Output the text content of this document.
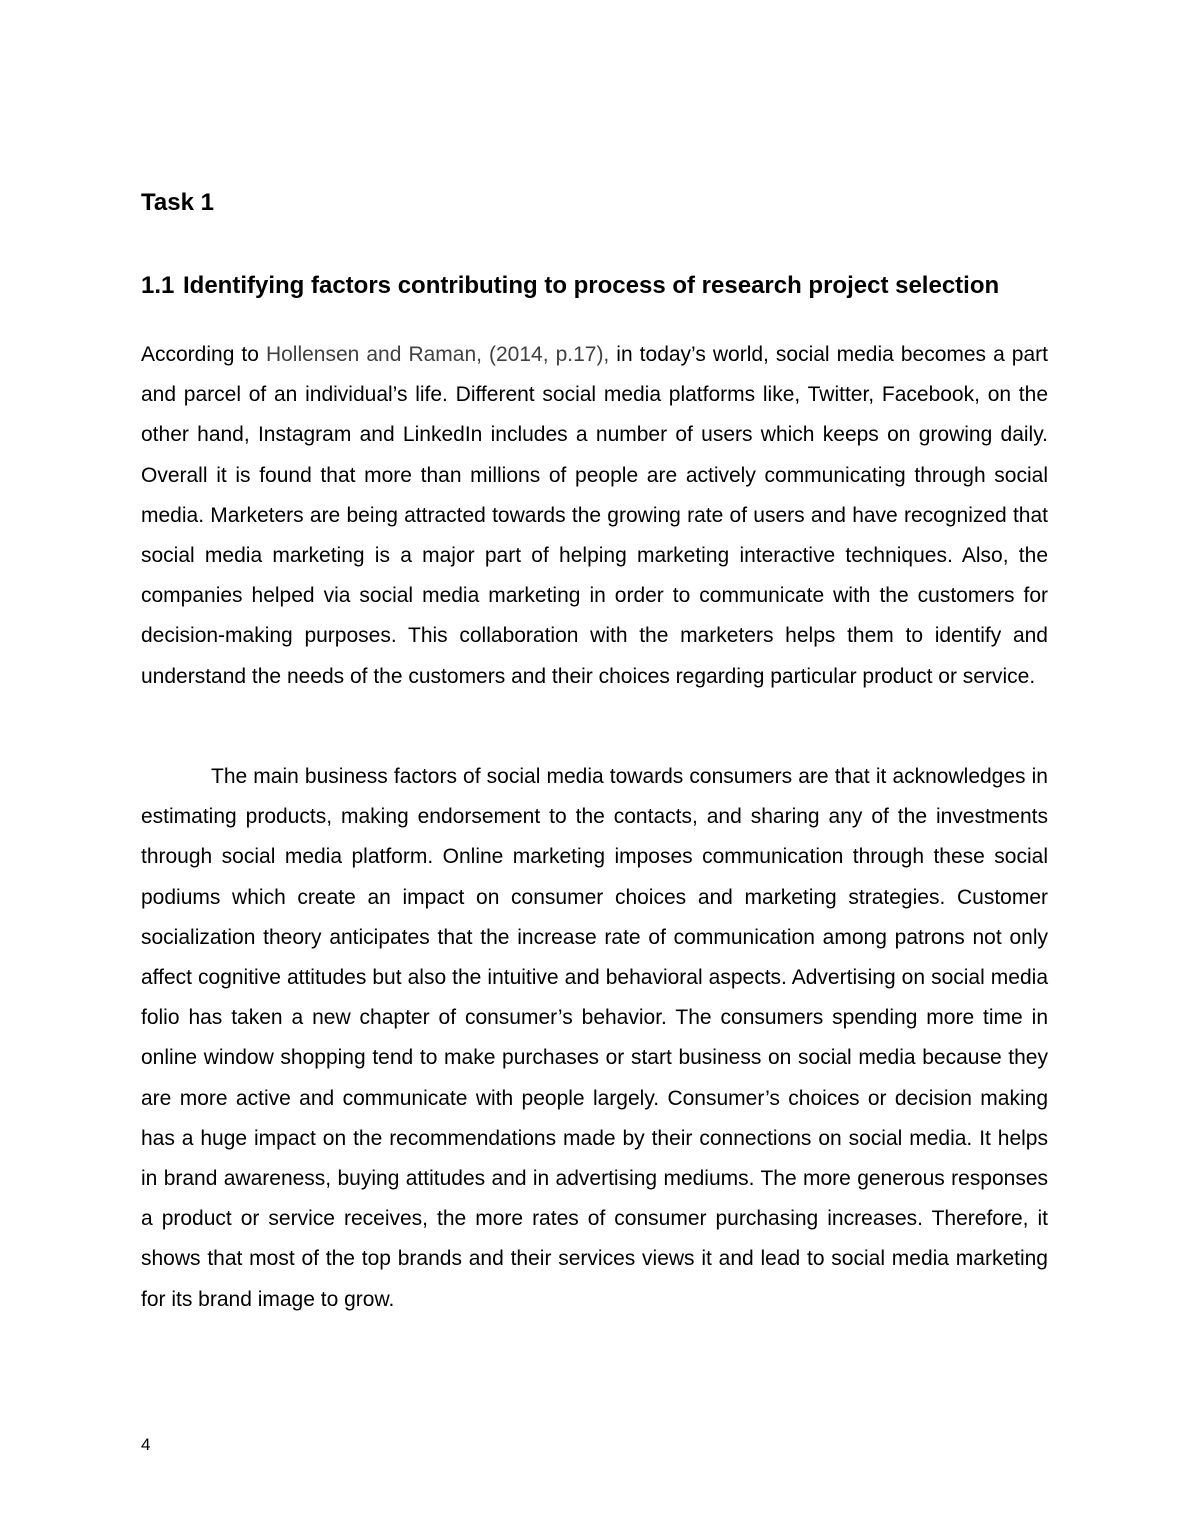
Task 1
1.1 Identifying factors contributing to process of research project selection

According to Hollensen and Raman, (2014, p.17), in today’s world, social media becomes a part and parcel of an individual’s life. Different social media platforms like, Twitter, Facebook, on the other hand, Instagram and LinkedIn includes a number of users which keeps on growing daily. Overall it is found that more than millions of people are actively communicating through social media. Marketers are being attracted towards the growing rate of users and have recognized that social media marketing is a major part of helping marketing interactive techniques. Also, the companies helped via social media marketing in order to communicate with the customers for decision-making purposes. This collaboration with the marketers helps them to identify and understand the needs of the customers and their choices regarding particular product or service.

The main business factors of social media towards consumers are that it acknowledges in estimating products, making endorsement to the contacts, and sharing any of the investments through social media platform. Online marketing imposes communication through these social podiums which create an impact on consumer choices and marketing strategies. Customer socialization theory anticipates that the increase rate of communication among patrons not only affect cognitive attitudes but also the intuitive and behavioral aspects. Advertising on social media folio has taken a new chapter of consumer’s behavior. The consumers spending more time in online window shopping tend to make purchases or start business on social media because they are more active and communicate with people largely. Consumer’s choices or decision making has a huge impact on the recommendations made by their connections on social media. It helps in brand awareness, buying attitudes and in advertising mediums. The more generous responses a product or service receives, the more rates of consumer purchasing increases. Therefore, it shows that most of the top brands and their services views it and lead to social media marketing for its brand image to grow.

4
